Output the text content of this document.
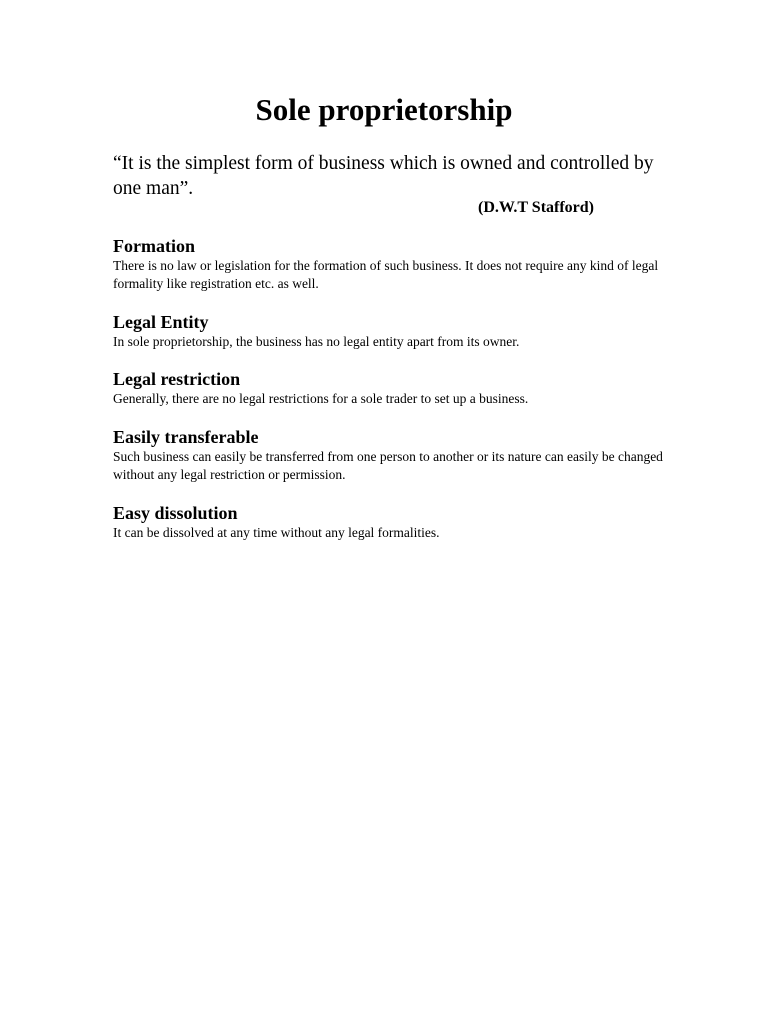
Sole proprietorship

“It is the simplest form of business which is owned and controlled by one man”.

(D.W.T Stafford)

Formation

There is no law or legislation for the formation of such business. It does not require any kind of legal formality like registration etc. as well.

Legal Entity

In sole proprietorship, the business has no legal entity apart from its owner.

Legal restriction

Generally, there are no legal restrictions for a sole trader to set up a business.

Easily transferable

Such business can easily be transferred from one person to another or its nature can easily be changed without any legal restriction or permission.

Easy dissolution

It can be dissolved at any time without any legal formalities.
